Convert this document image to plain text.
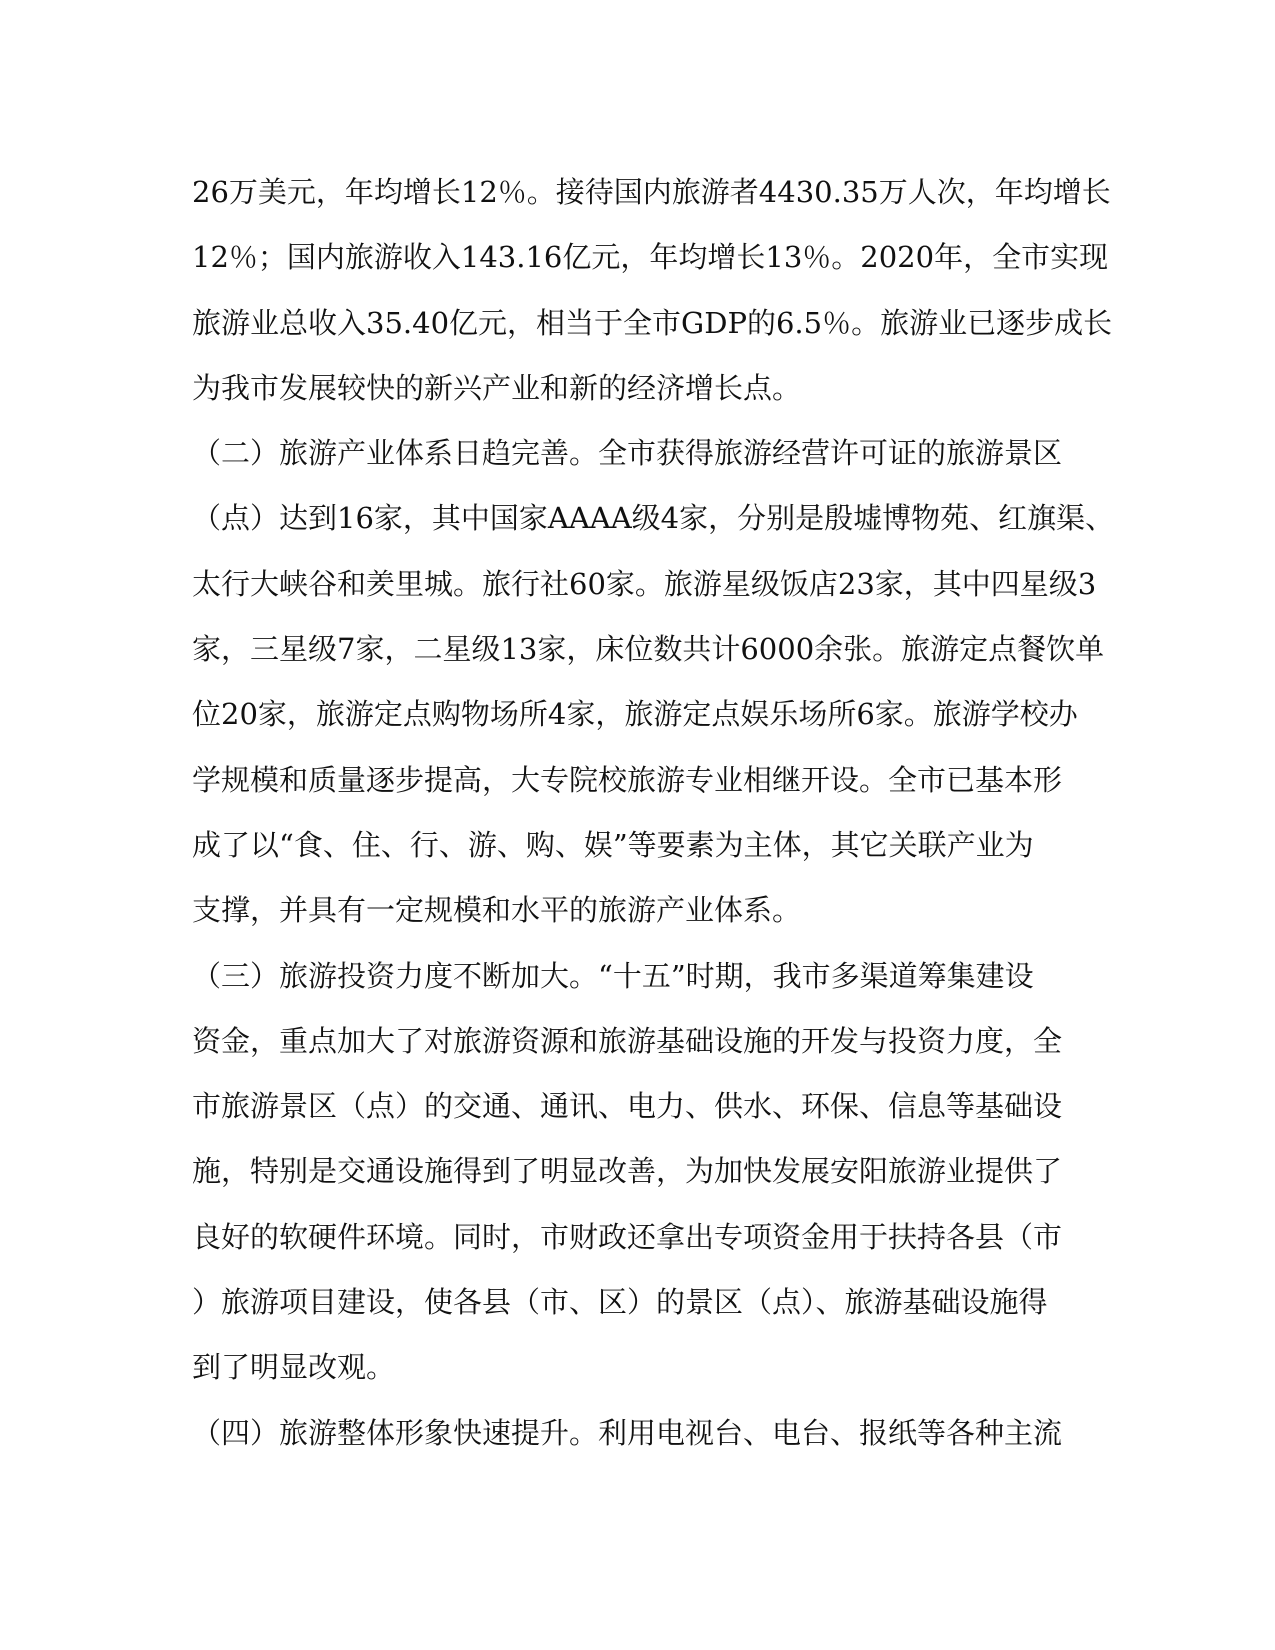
26万美元，年均增长12％。接待国内旅游者4430.35万人次，年均增长
12％；国内旅游收入143.16亿元，年均增长13％。2020年，全市实现
旅游业总收入35.40亿元，相当于全市GDP的6.5％。旅游业已逐步成长
为我市发展较快的新兴产业和新的经济增长点。
（二）旅游产业体系日趋完善。全市获得旅游经营许可证的旅游景区
（点）达到16家，其中国家AAAA级4家，分别是殷墟博物苑、红旗渠、
太行大峡谷和羑里城。旅行社60家。旅游星级饭店23家，其中四星级3
家，三星级7家，二星级13家，床位数共计6000余张。旅游定点餐饮单
位20家，旅游定点购物场所4家，旅游定点娱乐场所6家。旅游学校办
学规模和质量逐步提高，大专院校旅游专业相继开设。全市已基本形
成了以“食、住、行、游、购、娱”等要素为主体，其它关联产业为
支撑，并具有一定规模和水平的旅游产业体系。
（三）旅游投资力度不断加大。“十五”时期，我市多渠道筹集建设
资金，重点加大了对旅游资源和旅游基础设施的开发与投资力度，全
市旅游景区（点）的交通、通讯、电力、供水、环保、信息等基础设
施，特别是交通设施得到了明显改善，为加快发展安阳旅游业提供了
良好的软硬件环境。同时，市财政还拿出专项资金用于扶持各县（市
）旅游项目建设，使各县（市、区）的景区（点）、旅游基础设施得
到了明显改观。
（四）旅游整体形象快速提升。利用电视台、电台、报纸等各种主流
